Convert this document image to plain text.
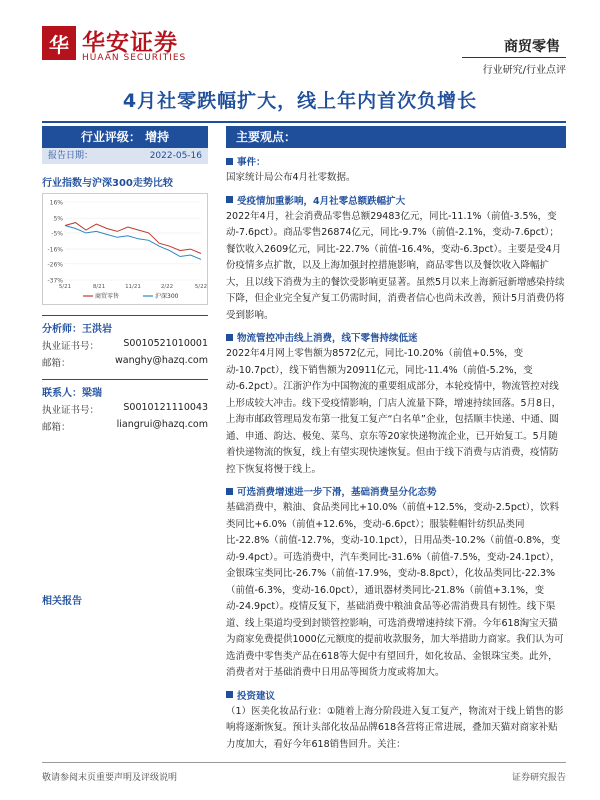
华 华安证券
HUAAN SECURITIES
商贸零售
行业研究/行业点评
4月社零跌幅扩大，线上年内首次负增长
行业评级： 增持
报告日期：	2022-05-16
行业指数与沪深300走势比较
16%
5%
-5%
-16%
-26%
-37%
5/21	8/21	11/21	2/22	5/22
商贸零售	沪深300
分析师：王洪岩
执业证书号：	S0010521010001
邮箱：	wanghy@hazq.com
联系人：梁瑞
执业证书号：	S0010121110043
邮箱：	liangrui@hazq.com
相关报告
主要观点：
事件：
国家统计局公布4月社零数据。
受疫情加重影响，4月社零总额跌幅扩大
2022年4月，社会消费品零售总额29483亿元，同比-11.1%（前值-3.5%，变动-7.6pct）。商品零售26874亿元，同比-9.7%（前值-2.1%，变动-7.6pct）；餐饮收入2609亿元，同比-22.7%（前值-16.4%，变动-6.3pct）。主要是受4月份疫情多点扩散，以及上海加强封控措施影响，商品零售以及餐饮收入降幅扩大，且以线下消费为主的餐饮受影响更显著。虽然5月以来上海新冠新增感染持续下降，但企业完全复产复工仍需时间，消费者信心也尚未改善，预计5月消费仍将受到影响。
物流管控冲击线上消费，线下零售持续低迷
2022年4月网上零售额为8572亿元，同比-10.20%（前值+0.5%，变动-10.7pct），线下销售额为20911亿元，同比-11.4%（前值-5.2%，变动-6.2pct）。江浙沪作为中国物流的重要组成部分，本轮疫情中，物流管控对线上形成较大冲击。线下受疫情影响，门店人流量下降，增速持续回落。5月8日，上海市邮政管理局发布第一批复工复产“白名单”企业，包括顺丰快递、中通、圆通、申通、韵达、极兔、菜鸟、京东等20家快递物流企业，已开始复工。5月随着快递物流的恢复，线上有望实现快速恢复。但由于线下消费与店消费，疫情防控下恢复将慢于线上。
可选消费增速进一步下滑，基础消费呈分化态势
基础消费中，粮油、食品类同比+10.0%（前值+12.5%，变动-2.5pct），饮料类同比+6.0%（前值+12.6%，变动-6.6pct）；服装鞋帽针纺织品类同比-22.8%（前值-12.7%，变动-10.1pct），日用品类-10.2%（前值-0.8%，变动-9.4pct）。可选消费中，汽车类同比-31.6%（前值-7.5%，变动-24.1pct），金银珠宝类同比-26.7%（前值-17.9%，变动-8.8pct），化妆品类同比-22.3%（前值-6.3%，变动-16.0pct），通讯器材类同比-21.8%（前值+3.1%，变动-24.9pct）。疫情反复下，基础消费中粮油食品等必需消费具有韧性。线下渠道、线上渠道均受到封锁管控影响，可选消费增速持续下滑。今年618淘宝天猫为商家免费提供1000亿元额度的提前收款服务，加大举措助力商家。我们认为可选消费中零售类产品在618等大促中有望回升，如化妆品、金银珠宝类。此外，消费者对于基础消费中日用品等囤货力度或将加大。
投资建议
（1）医美化妆品行业：①随着上海分阶段进入复工复产，物流对于线上销售的影响将逐渐恢复。预计头部化妆品品牌618各营将正常进展，叠加天猫对商家补贴力度加大，看好今年618销售回升。关注：
敬请参阅末页重要声明及评级说明	证券研究报告
